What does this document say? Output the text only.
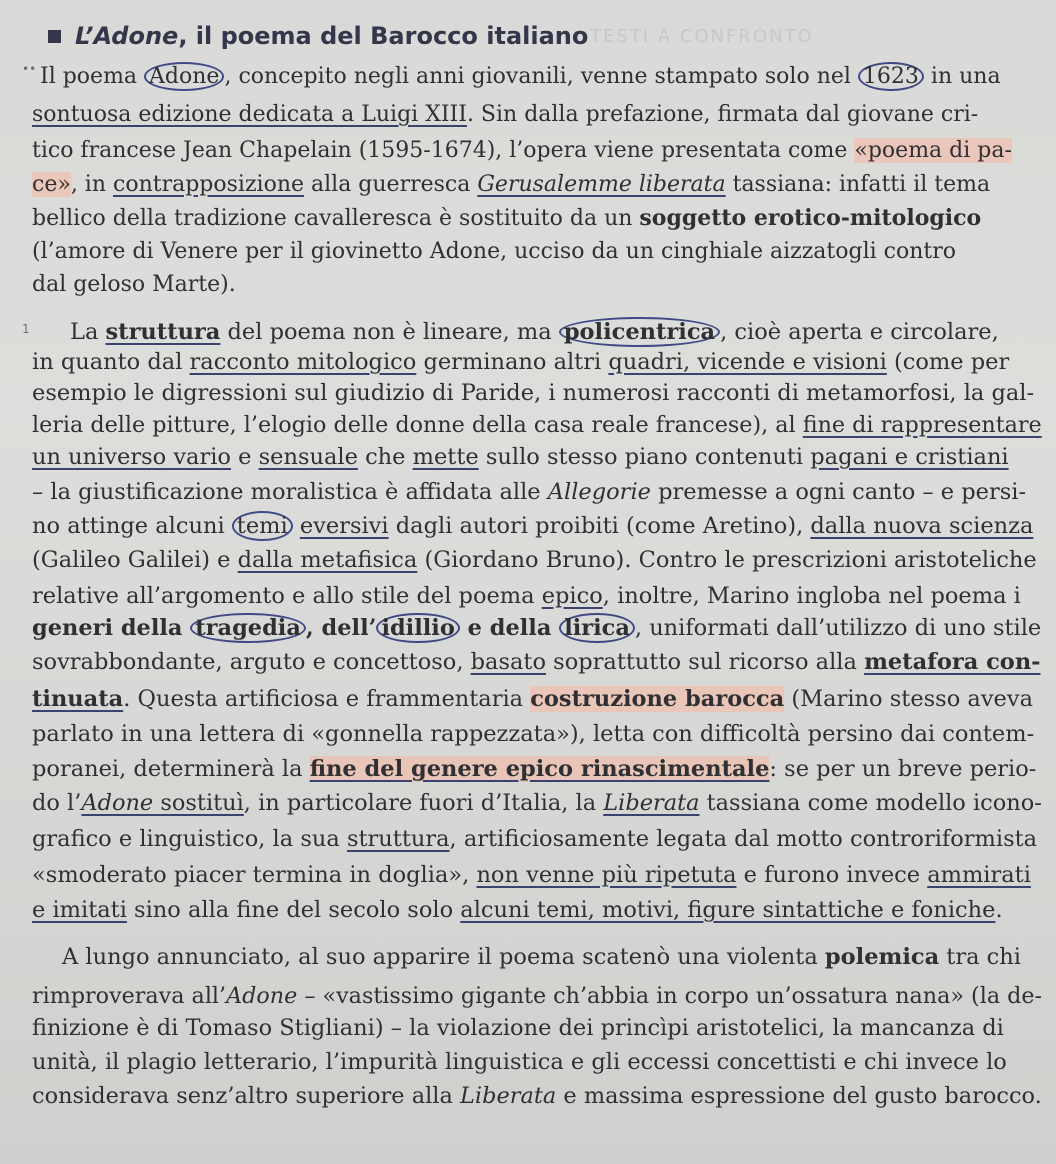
L’Adone , il poema del Barocco italiano TESTI A CONFRONTO
••
1
Il poema Adone , concepito negli anni giovanili, venne stampato solo nel 1623 in una
sontuosa edizione dedicata a Luigi XIII. Sin dalla prefazione, firmata dal giovane cri-
tico francese Jean Chapelain (1595-1674), l’opera viene presentata come «poema di pa-
ce», in contrapposizione alla guerresca Gerusalemme liberata tassiana: infatti il tema
bellico della tradizione cavalleresca è sostituito da un soggetto erotico-mitologico
(l’amore di Venere per il giovinetto Adone, ucciso da un cinghiale aizzatogli contro
dal geloso Marte).
La struttura del poema non è lineare, ma policentrica , cioè aperta e circolare,
in quanto dal racconto mitologico germinano altri quadri, vicende e visioni (come per
esempio le digressioni sul giudizio di Paride, i numerosi racconti di metamorfosi, la gal-
leria delle pitture, l’elogio delle donne della casa reale francese), al fine di rappresentare
un universo vario e sensuale che mette sullo stesso piano contenuti pagani e cristiani
– la giustificazione moralistica è affidata alle Allegorie premesse a ogni canto – e persi-
no attinge alcuni temi eversivi dagli autori proibiti (come Aretino), dalla nuova scienza
(Galileo Galilei) e dalla metafisica (Giordano Bruno). Contro le prescrizioni aristoteliche
relative all’argomento e allo stile del poema epico, inoltre, Marino ingloba nel poema i
generi della tragedia , dell’ idillio e della lirica , uniformati dall’utilizzo di uno stile
sovrabbondante, arguto e concettoso, basato soprattutto sul ricorso alla metafora con-
tinuata. Questa artificiosa e frammentaria costruzione barocca (Marino stesso aveva
parlato in una lettera di «gonnella rappezzata»), letta con difficoltà persino dai contem-
poranei, determinerà la fine del genere epico rinascimentale: se per un breve perio-
do l’Adone sostituì, in particolare fuori d’Italia, la Liberata tassiana come modello icono-
grafico e linguistico, la sua struttura, artificiosamente legata dal motto controriformista
«smoderato piacer termina in doglia», non venne più ripetuta e furono invece ammirati
e imitati sino alla fine del secolo solo alcuni temi, motivi, figure sintattiche e foniche.
A lungo annunciato, al suo apparire il poema scatenò una violenta polemica tra chi
rimproverava all’Adone – «vastissimo gigante ch’abbia in corpo un’ossatura nana» (la de-
finizione è di Tomaso Stigliani) – la violazione dei princìpi aristotelici, la mancanza di
unità, il plagio letterario, l’impurità linguistica e gli eccessi concettisti e chi invece lo
considerava senz’altro superiore alla Liberata e massima espressione del gusto barocco.
